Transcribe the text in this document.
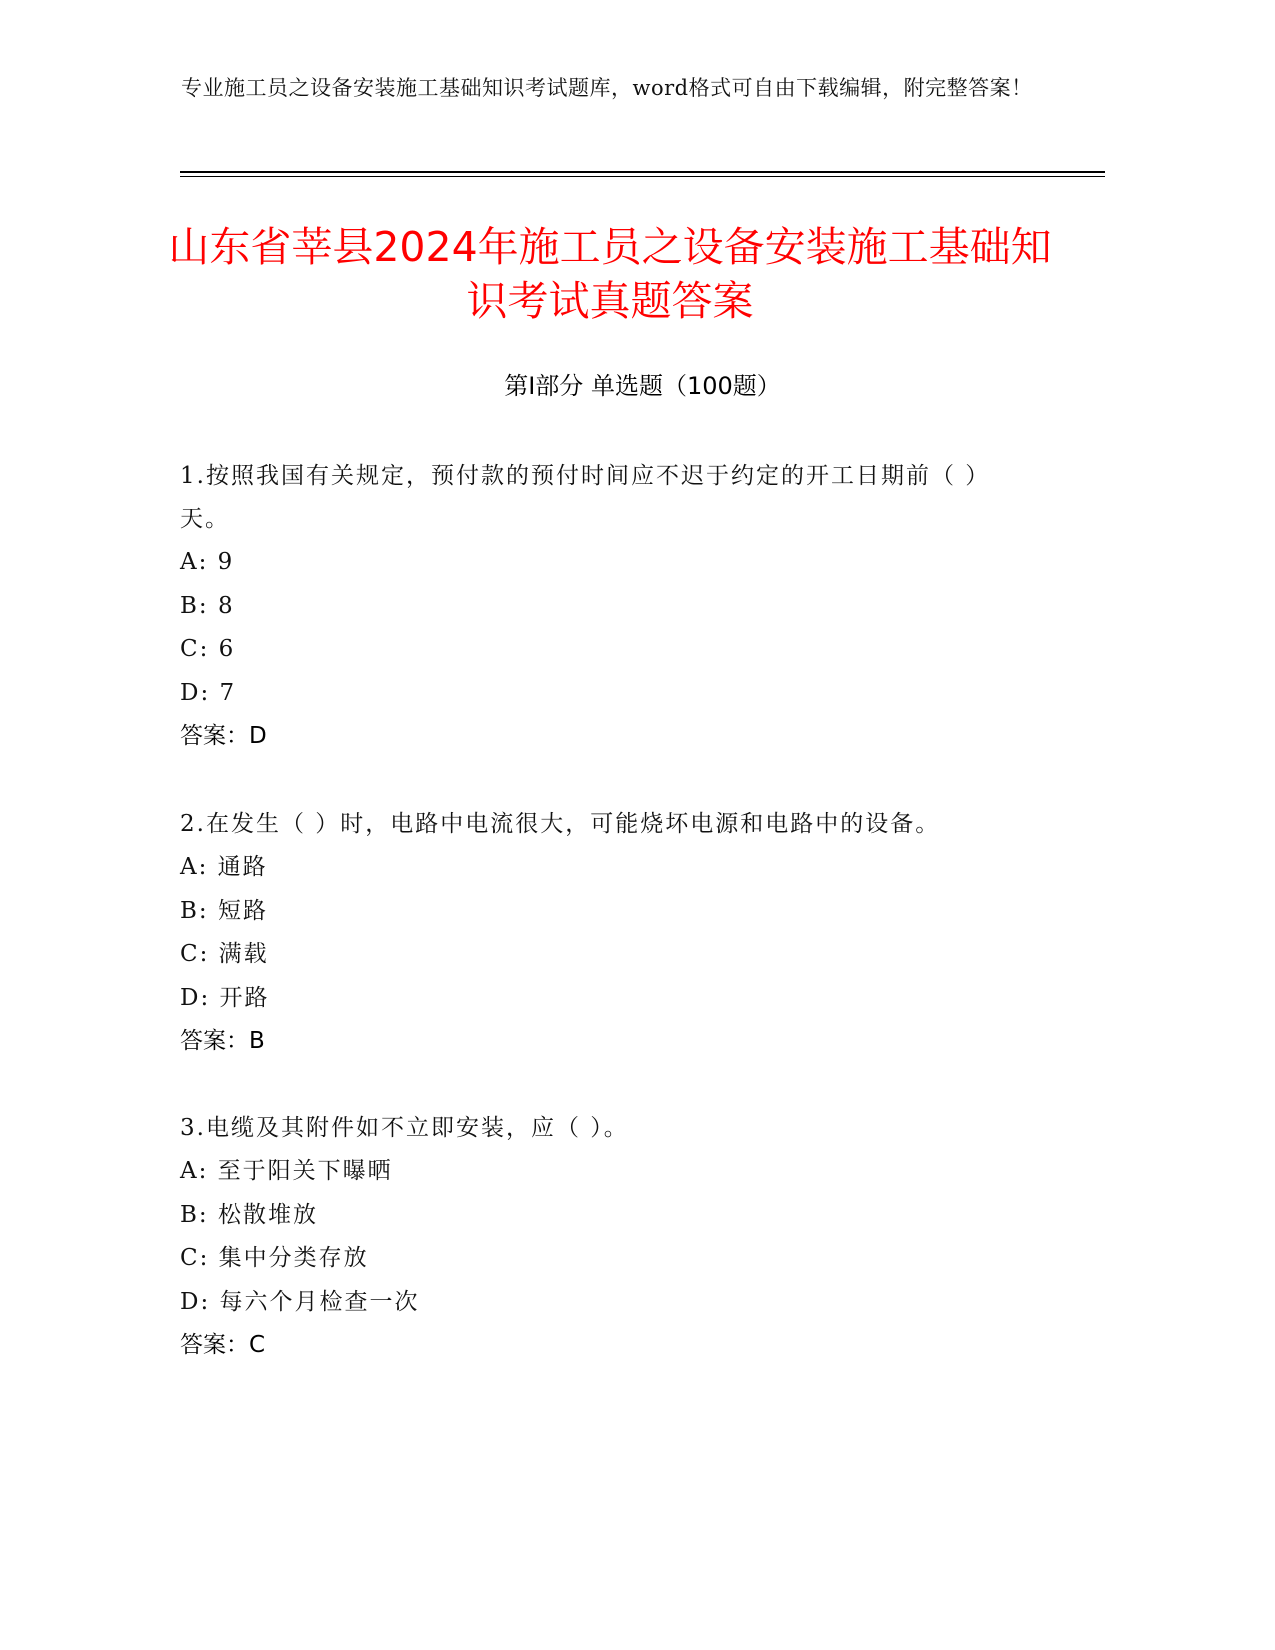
专业施工员之设备安装施工基础知识考试题库，word格式可自由下载编辑，附完整答案！
山东省莘县2024年施工员之设备安装施工基础知识考试真题答案
第I部分 单选题（100题）
1.按照我国有关规定，预付款的预付时间应不迟于约定的开工日期前（ ）天。
A: 9
B: 8
C: 6
D: 7
答案：D
2.在发生（ ）时，电路中电流很大，可能烧坏电源和电路中的设备。
A: 通路
B: 短路
C: 满载
D: 开路
答案：B
3.电缆及其附件如不立即安装，应（ ）。
A: 至于阳关下曝晒
B: 松散堆放
C: 集中分类存放
D: 每六个月检查一次
答案：C
